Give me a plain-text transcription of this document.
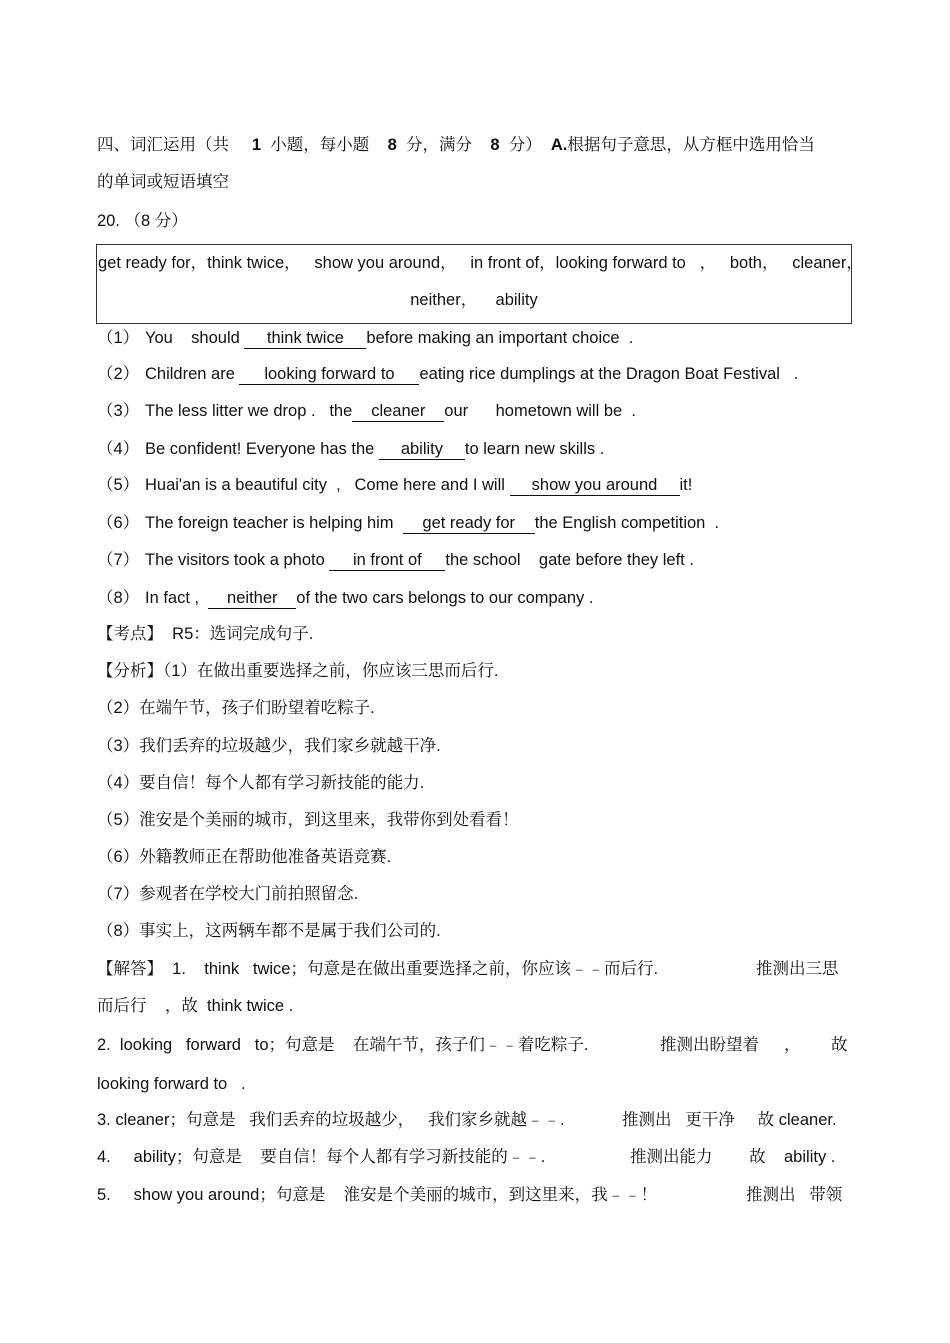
四、词汇运用（共 1 小题，每小题 8 分，满分 8 分） A.根据句子意思，从方框中选用恰当
的单词或短语填空
20. （8 分）
get ready for，think twice，   show you around，   in front of，looking forward to   ，   both，   cleaner，
neither，    ability
（1） You    should think twice before making an important choice  .
（2） Children are looking forward to eating rice dumplings at the Dragon Boat Festival   .
（3） The less litter we drop .   the cleaner our      hometown will be  .
（4） Be confident! Everyone has the ability to learn new skills .
（5） Huai'an is a beautiful city  ,   Come here and I will show you around it!
（6） The foreign teacher is helping him  get ready for the English competition  .
（7） The visitors took a photo in front of the school    gate before they left .
（8） In fact ,  neither of the two cars belongs to our company .
【考点】  R5：选词完成句子.
【分析】（1）在做出重要选择之前，你应该三思而后行.
（2）在端午节，孩子们盼望着吃粽子.
（3）我们丢弃的垃圾越少，我们家乡就越干净.
（4）要自信！每个人都有学习新技能的能力.
（5）淮安是个美丽的城市，到这里来，我带你到处看看！
（6）外籍教师正在帮助他准备英语竞赛.
（7）参观者在学校大门前拍照留念.
（8）事实上，这两辆车都不是属于我们公司的.
【解答】  1.    think   twice；句意是在做出重要选择之前，你应该﹣﹣而后行.	推测出三思
而后行    ，故  think twice .
2.  looking   forward   to；句意是    在端午节，孩子们﹣﹣着吃粽子.	推测出盼望着 ， 故
looking forward to   .
3. cleaner；句意是   我们丢弃的垃圾越少，   我们家乡就越﹣﹣.	推测出   更干净     故 cleaner.
4.     ability；句意是    要自信！每个人都有学习新技能的﹣﹣.	推测出能力        故    ability .
5.     show you around；句意是    淮安是个美丽的城市，到这里来，我﹣﹣！	推测出   带领
